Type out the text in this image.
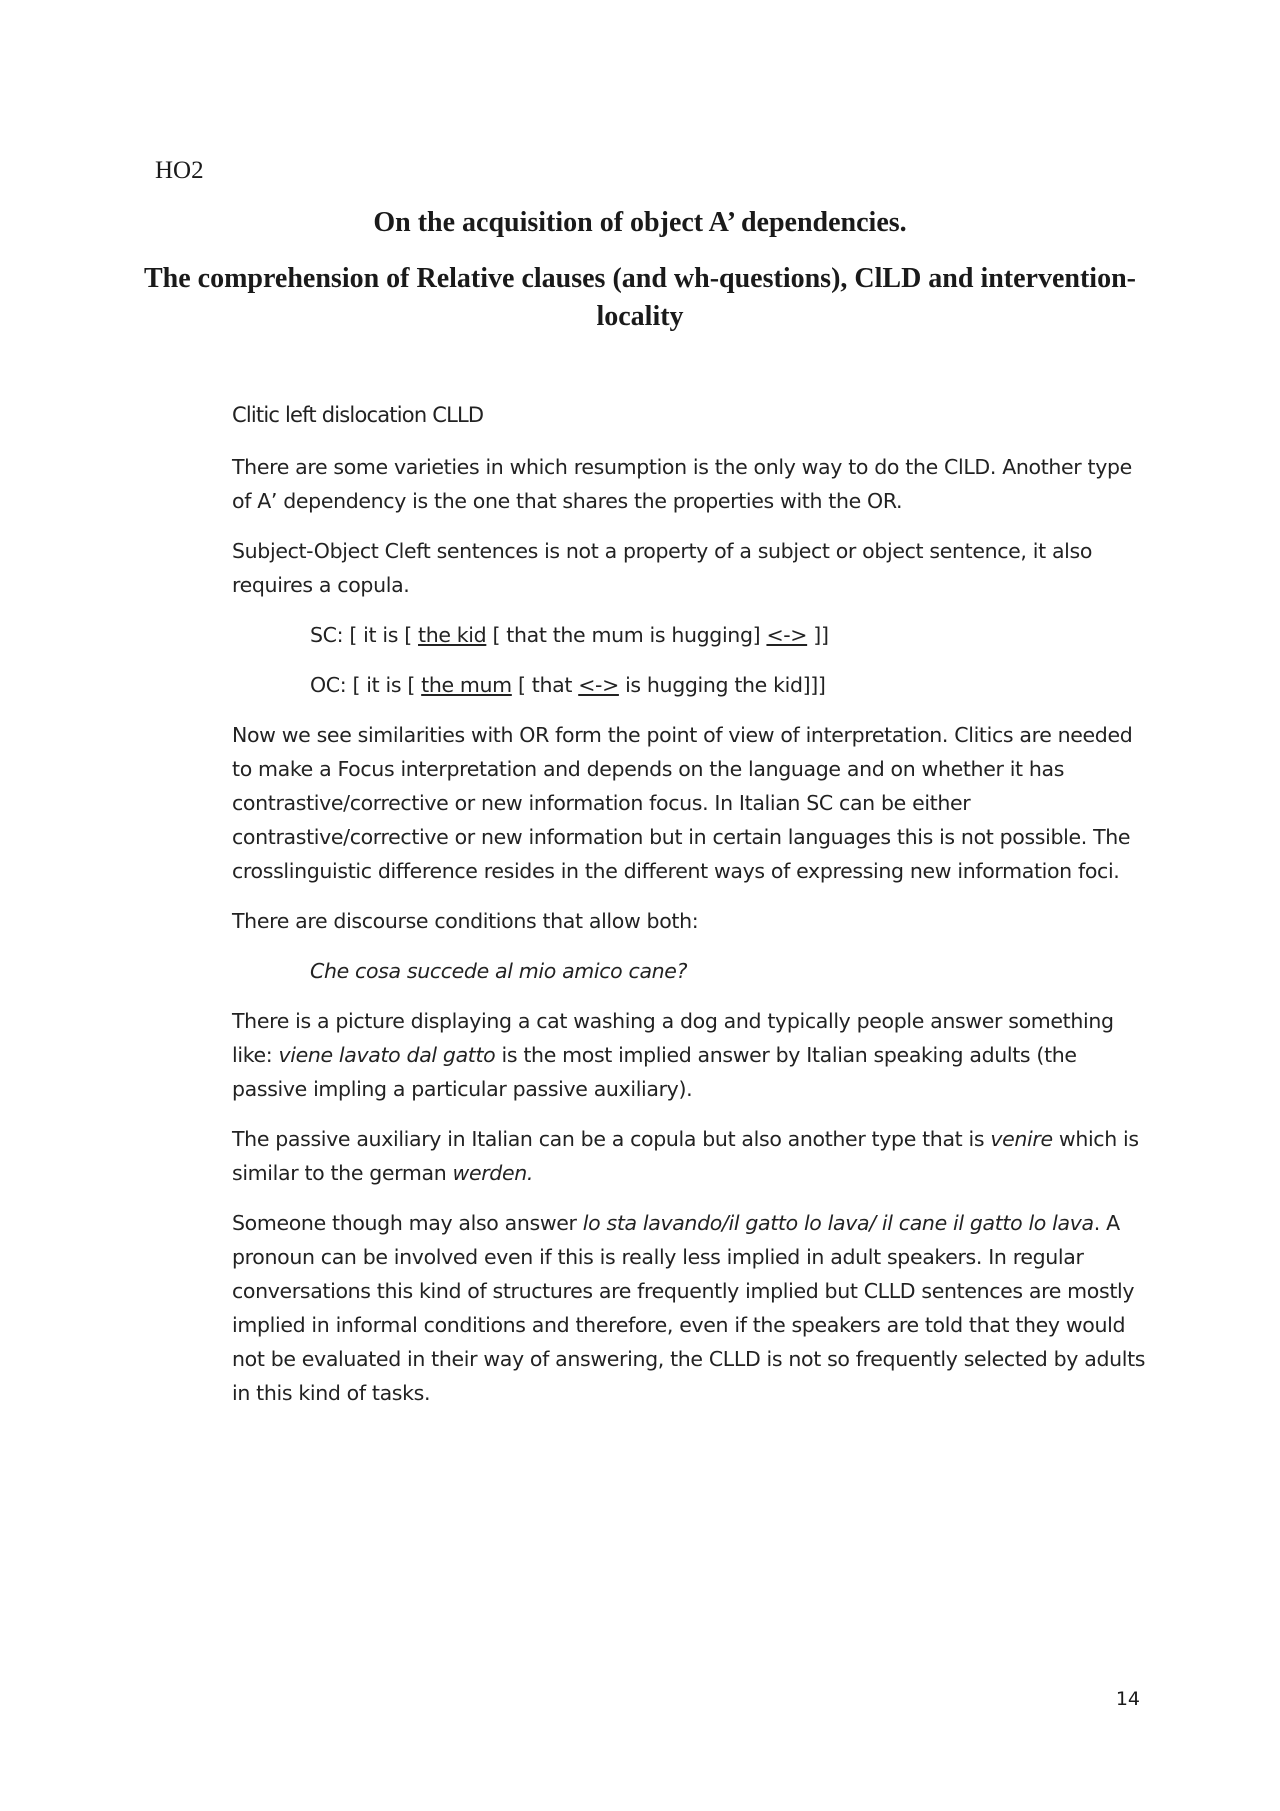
HO2
On the acquisition of object A’ dependencies.
The comprehension of Relative clauses (and wh-questions), ClLD and intervention-locality
Clitic left dislocation CLLD

There are some varieties in which resumption is the only way to do the ClLD. Another type of A’ dependency is the one that shares the properties with the OR.

Subject-Object Cleft sentences is not a property of a subject or object sentence, it also requires a copula.

SC: [ it is [ the kid [ that the mum is hugging] <-> ]]

OC: [ it is [ the mum [ that <-> is hugging the kid]]]

Now we see similarities with OR form the point of view of interpretation. Clitics are needed to make a Focus interpretation and depends on the language and on whether it has contrastive/corrective or new information focus. In Italian SC can be either contrastive/corrective or new information but in certain languages this is not possible. The crosslinguistic difference resides in the different ways of expressing new information foci.

There are discourse conditions that allow both:

Che cosa succede al mio amico cane?

There is a picture displaying a cat washing a dog and typically people answer something like: viene lavato dal gatto is the most implied answer by Italian speaking adults (the passive impling a particular passive auxiliary).

The passive auxiliary in Italian can be a copula but also another type that is venire which is similar to the german werden.

Someone though may also answer lo sta lavando/il gatto lo lava/ il cane il gatto lo lava. A pronoun can be involved even if this is really less implied in adult speakers. In regular conversations this kind of structures are frequently implied but CLLD sentences are mostly implied in informal conditions and therefore, even if the speakers are told that they would not be evaluated in their way of answering, the CLLD is not so frequently selected by adults in this kind of tasks.

14
